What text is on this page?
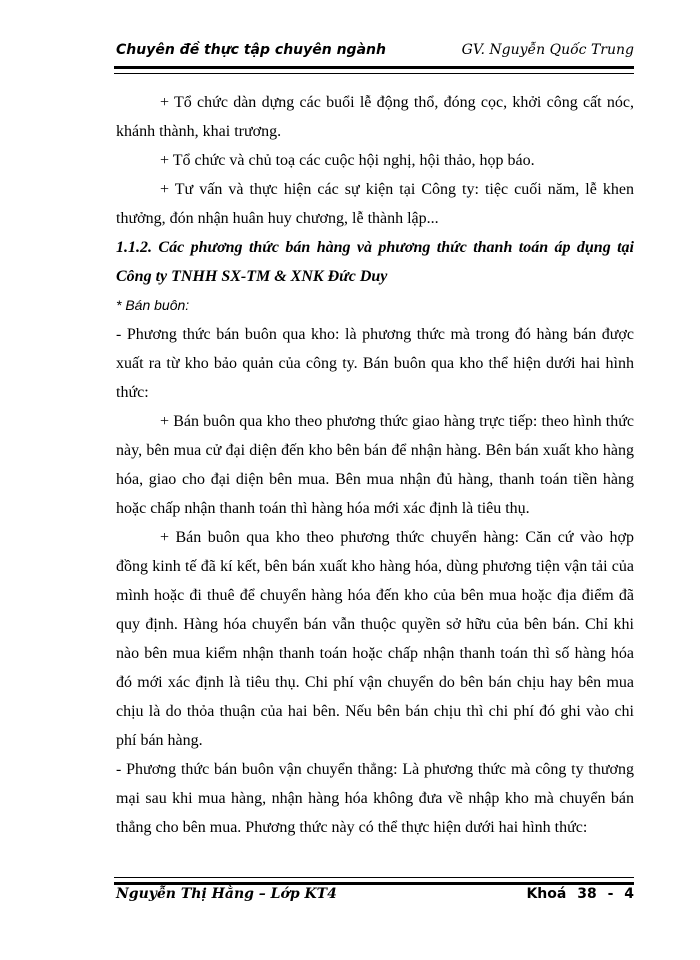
Chuyên đề thực tập chuyên ngành	GV. Nguyễn Quốc Trung

+ Tổ chức dàn dựng các buổi lễ động thổ, đóng cọc, khởi công cất nóc, khánh thành, khai trương.

+ Tổ chức và chủ toạ các cuộc hội nghị, hội thảo, họp báo.

+ Tư vấn và thực hiện các sự kiện tại Công ty: tiệc cuối năm, lễ khen thưởng, đón nhận huân huy chương, lễ thành lập...

1.1.2. Các phương thức bán hàng và phương thức thanh toán áp dụng tại Công ty TNHH SX-TM & XNK Đức Duy

* Bán buôn:

- Phương thức bán buôn qua kho: là phương thức mà trong đó hàng bán được xuất ra từ kho bảo quản của công ty. Bán buôn qua kho thể hiện dưới hai hình thức:

+ Bán buôn qua kho theo phương thức giao hàng trực tiếp: theo hình thức này, bên mua cử đại diện đến kho bên bán để nhận hàng. Bên bán xuất kho hàng hóa, giao cho đại diện bên mua. Bên mua nhận đủ hàng, thanh toán tiền hàng hoặc chấp nhận thanh toán thì hàng hóa mới xác định là tiêu thụ.

+ Bán buôn qua kho theo phương thức chuyển hàng: Căn cứ vào hợp đồng kinh tế đã kí kết, bên bán xuất kho hàng hóa, dùng phương tiện vận tải của mình hoặc đi thuê để chuyển hàng hóa đến kho của bên mua hoặc địa điểm đã quy định. Hàng hóa chuyển bán vẫn thuộc quyền sở hữu của bên bán. Chỉ khi nào bên mua kiểm nhận thanh toán hoặc chấp nhận thanh toán thì số hàng hóa đó mới xác định là tiêu thụ. Chi phí vận chuyển do bên bán chịu hay bên mua chịu là do thỏa thuận của hai bên. Nếu bên bán chịu thì chi phí đó ghi vào chi phí bán hàng.

- Phương thức bán buôn vận chuyển thẳng: Là phương thức mà công ty thương mại sau khi mua hàng, nhận hàng hóa không đưa về nhập kho mà chuyển bán thẳng cho bên mua. Phương thức này có thể thực hiện dưới hai hình thức:

Nguyễn Thị Hằng – Lớp KT4	Khoá 38 - 4
